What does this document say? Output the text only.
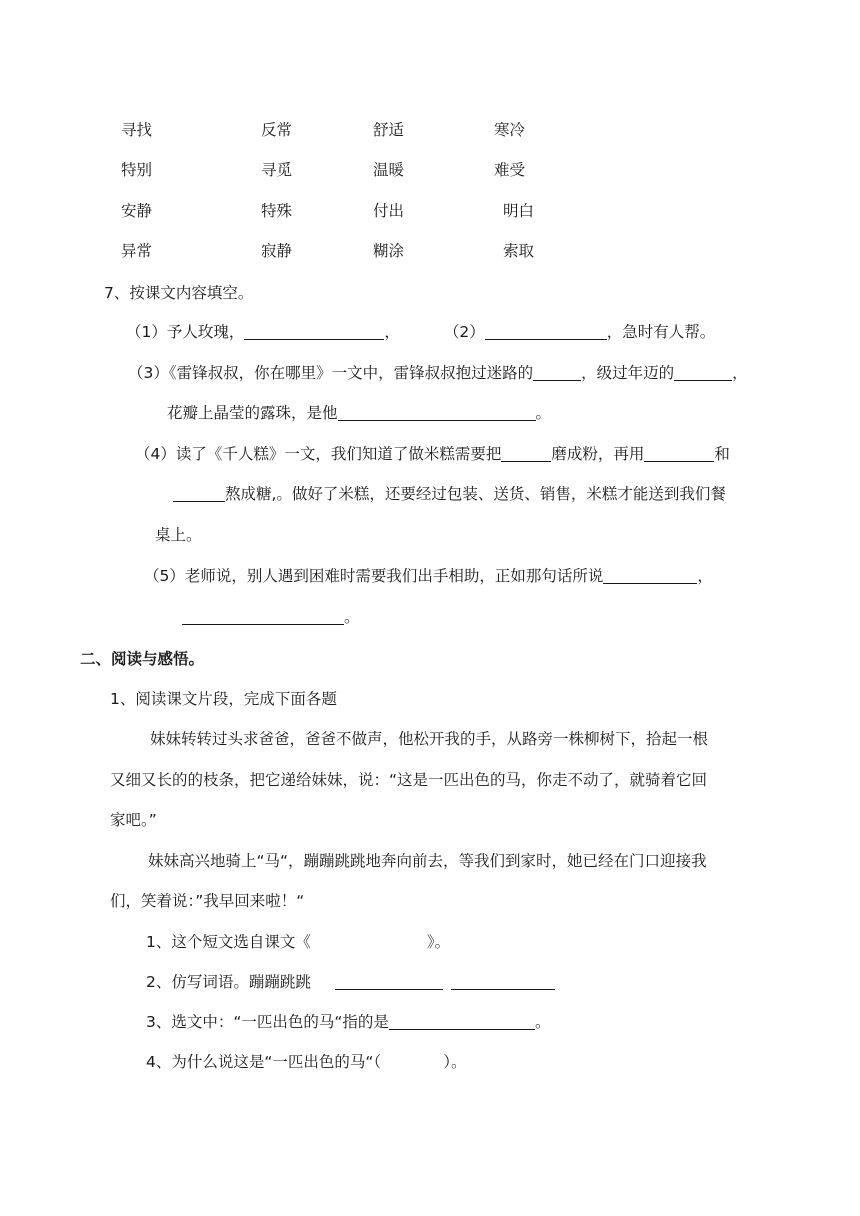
寻找	反常	舒适	寒冷
特别	寻觅	温暖	难受
安静	特殊	付出	明白
异常	寂静	糊涂	索取
7、按课文内容填空。
（1）予人玫瑰，	，	（2）	，急时有人帮。
（3）《雷锋叔叔，你在哪里》一文中，雷锋叔叔抱过迷路的	，级过年迈的	，
花瓣上晶莹的露珠，是他	。
（4）读了《千人糕》一文，我们知道了做米糕需要把	磨成粉，再用	和
熬成糖,。做好了米糕，还要经过包装、送货、销售，米糕才能送到我们餐
桌上。
（5）老师说，别人遇到困难时需要我们出手相助，正如那句话所说	，
。
二、阅读与感悟。
1、阅读课文片段，完成下面各题
妹妹转转过头求爸爸，爸爸不做声，他松开我的手，从路旁一株柳树下，拾起一根
又细又长的的枝条，把它递给妹妹，说：“这是一匹出色的马，你走不动了，就骑着它回
家吧。”
妹妹高兴地骑上“马“，蹦蹦跳跳地奔向前去，等我们到家时，她已经在门口迎接我
们，笑着说：”我早回来啦！“
1、这个短文选自课文《	》。
2、仿写词语。蹦蹦跳跳
3、选文中：“一匹出色的马“指的是	。
4、为什么说这是“一匹出色的马“（	）。
